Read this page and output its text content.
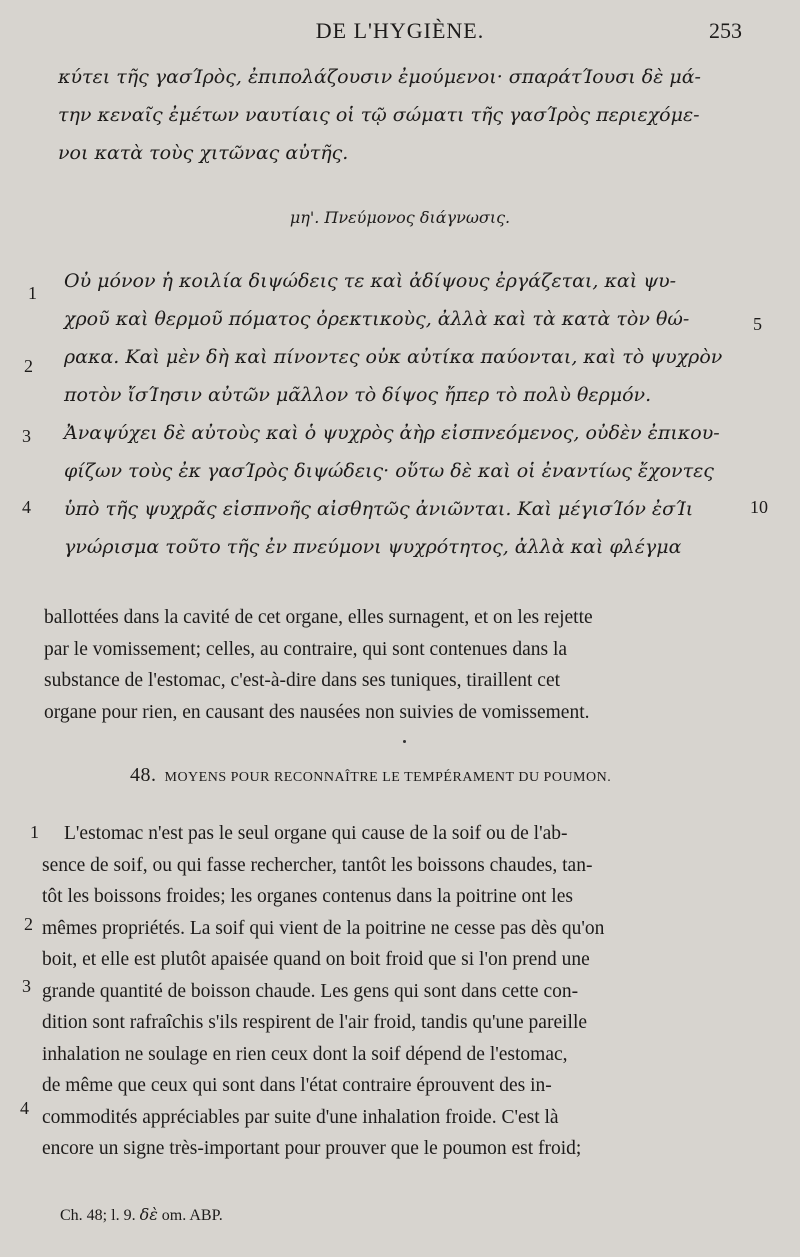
DE L'HYGIÈNE.	253
κύτει τῆς γασΊρὸς, ἐπιπολάζουσιν ἐμούμενοι· σπαράτΊουσι δὲ μά-
την κεναῖς ἐμέτων ναυτίαις οἱ τῷ σώματι τῆς γασΊρὸς περιεχόμε-
νοι κατὰ τοὺς χιτῶνας αὐτῆς.
μη'. Πνεύμονος διάγνωσις.
Οὐ μόνον ἡ κοιλία διψώδεις τε καὶ ἀδίψους ἐργάζεται, καὶ ψυ-
χροῦ καὶ θερμοῦ πόματος ὀρεκτικοὺς, ἀλλὰ καὶ τὰ κατὰ τὸν θώ-
ρακα. Καὶ μὲν δὴ καὶ πίνοντες οὐκ αὐτίκα παύονται, καὶ τὸ ψυχρὸν
ποτὸν ἴσΊησιν αὐτῶν μᾶλλον τὸ δίψος ἤπερ τὸ πολὺ θερμόν.
Ἀναψύχει δὲ αὐτοὺς καὶ ὁ ψυχρὸς ἀὴρ εἰσπνεόμενος, οὐδὲν ἐπικου-
φίζων τοὺς ἐκ γασΊρὸς διψώδεις· οὕτω δὲ καὶ οἱ ἐναντίως ἔχοντες
ὑπὸ τῆς ψυχρᾶς εἰσπνοῆς αἰσθητῶς ἀνιῶνται. Καὶ μέγισΊόν ἐσΊι
γνώρισμα τοῦτο τῆς ἐν πνεύμονι ψυχρότητος, ἀλλὰ καὶ φλέγμα
1
2
3
4
5
10
ballottées dans la cavité de cet organe, elles surnagent, et on les rejette
par le vomissement; celles, au contraire, qui sont contenues dans la
substance de l'estomac, c'est-à-dire dans ses tuniques, tiraillent cet
organe pour rien, en causant des nausées non suivies de vomissement.
48. MOYENS POUR RECONNAÎTRE LE TEMPÉRAMENT DU POUMON.
L'estomac n'est pas le seul organe qui cause de la soif ou de l'ab-
sence de soif, ou qui fasse rechercher, tantôt les boissons chaudes, tan-
tôt les boissons froides; les organes contenus dans la poitrine ont les
mêmes propriétés. La soif qui vient de la poitrine ne cesse pas dès qu'on
boit, et elle est plutôt apaisée quand on boit froid que si l'on prend une
grande quantité de boisson chaude. Les gens qui sont dans cette con-
dition sont rafraîchis s'ils respirent de l'air froid, tandis qu'une pareille
inhalation ne soulage en rien ceux dont la soif dépend de l'estomac,
de même que ceux qui sont dans l'état contraire éprouvent des in-
commodités appréciables par suite d'une inhalation froide. C'est là
encore un signe très-important pour prouver que le poumon est froid;
1
2
3
4
Ch. 48; l. 9. δὲ om. ABP.
